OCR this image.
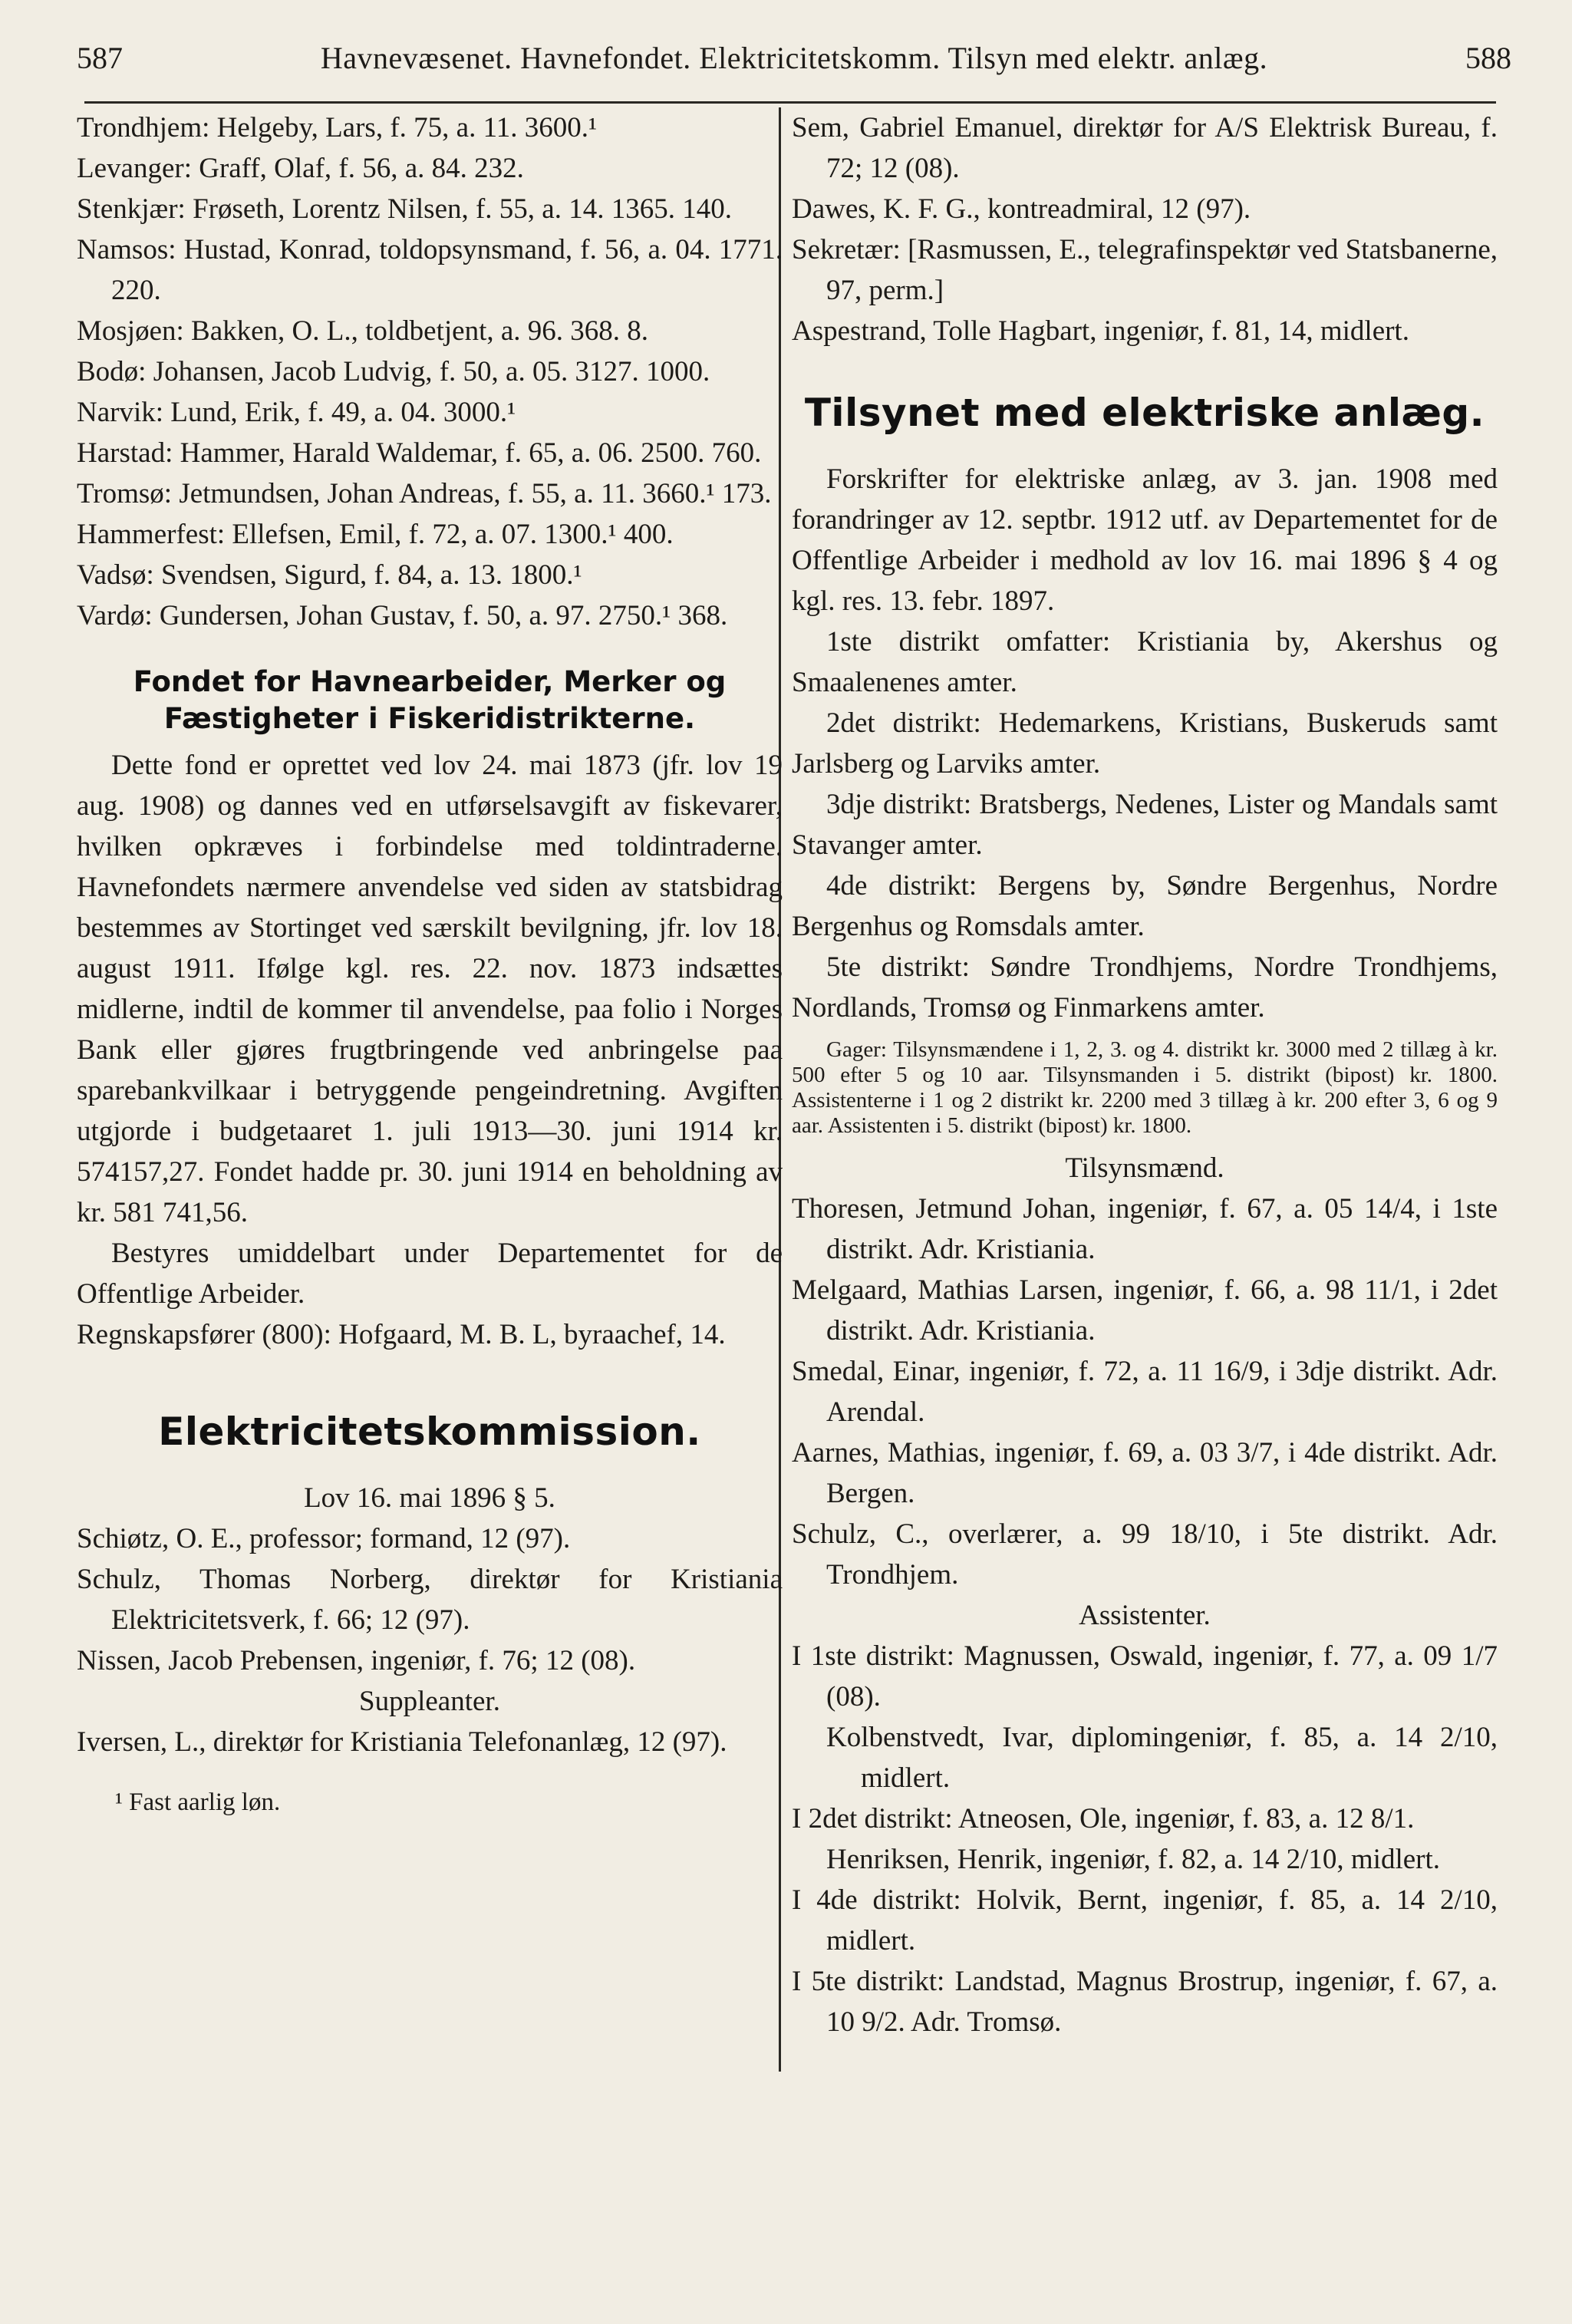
587	Havnevæsenet. Havnefondet. Elektricitetskomm. Tilsyn med elektr. anlæg.	588

Trondhjem: Helgeby, Lars, f. 75, a. 11. 3600.¹

Levanger: Graff, Olaf, f. 56, a. 84. 232.

Stenkjær: Frøseth, Lorentz Nilsen, f. 55, a. 14. 1365. 140.

Namsos: Hustad, Konrad, toldopsynsmand, f. 56, a. 04. 1771. 220.

Mosjøen: Bakken, O. L., toldbetjent, a. 96. 368. 8.

Bodø: Johansen, Jacob Ludvig, f. 50, a. 05. 3127. 1000.

Narvik: Lund, Erik, f. 49, a. 04. 3000.¹

Harstad: Hammer, Harald Waldemar, f. 65, a. 06. 2500. 760.

Tromsø: Jetmundsen, Johan Andreas, f. 55, a. 11. 3660.¹ 173.

Hammerfest: Ellefsen, Emil, f. 72, a. 07. 1300.¹ 400.

Vadsø: Svendsen, Sigurd, f. 84, a. 13. 1800.¹

Vardø: Gundersen, Johan Gustav, f. 50, a. 97. 2750.¹ 368.

Fondet for Havnearbeider, Merker og Fæstigheter i Fiskeridistrikterne.

Dette fond er oprettet ved lov 24. mai 1873 (jfr. lov 19 aug. 1908) og dannes ved en utførselsavgift av fiskevarer, hvilken opkræves i forbindelse med toldintraderne. Havnefondets nærmere anvendelse ved siden av statsbidrag bestemmes av Stortinget ved særskilt bevilgning, jfr. lov 18. august 1911. Ifølge kgl. res. 22. nov. 1873 indsættes midlerne, indtil de kommer til anvendelse, paa folio i Norges Bank eller gjøres frugtbringende ved anbringelse paa sparebankvilkaar i betryggende pengeindretning. Avgiften utgjorde i budgetaaret 1. juli 1913—30. juni 1914 kr. 574157,27. Fondet hadde pr. 30. juni 1914 en beholdning av kr. 581 741,56.

Bestyres umiddelbart under Departementet for de Offentlige Arbeider.

Regnskapsfører (800): Hofgaard, M. B. L, byraachef, 14.

Elektricitetskommission.

Lov 16. mai 1896 § 5.

Schiøtz, O. E., professor; formand, 12 (97).

Schulz, Thomas Norberg, direktør for Kristiania Elektricitetsverk, f. 66; 12 (97).

Nissen, Jacob Prebensen, ingeniør, f. 76; 12 (08).

Suppleanter.

Iversen, L., direktør for Kristiania Telefonanlæg, 12 (97).

¹ Fast aarlig løn.

Sem, Gabriel Emanuel, direktør for A/S Elektrisk Bureau, f. 72; 12 (08).

Dawes, K. F. G., kontreadmiral, 12 (97).

Sekretær: [Rasmussen, E., telegrafinspektør ved Statsbanerne, 97, perm.]

Aspestrand, Tolle Hagbart, ingeniør, f. 81, 14, midlert.

Tilsynet med elektriske anlæg.

Forskrifter for elektriske anlæg, av 3. jan. 1908 med forandringer av 12. septbr. 1912 utf. av Departementet for de Offentlige Arbeider i medhold av lov 16. mai 1896 § 4 og kgl. res. 13. febr. 1897.

1ste distrikt omfatter: Kristiania by, Akershus og Smaalenenes amter.

2det distrikt: Hedemarkens, Kristians, Buskeruds samt Jarlsberg og Larviks amter.

3dje distrikt: Bratsbergs, Nedenes, Lister og Mandals samt Stavanger amter.

4de distrikt: Bergens by, Søndre Bergenhus, Nordre Bergenhus og Romsdals amter.

5te distrikt: Søndre Trondhjems, Nordre Trondhjems, Nordlands, Tromsø og Finmarkens amter.

Gager: Tilsynsmændene i 1, 2, 3. og 4. distrikt kr. 3000 med 2 tillæg à kr. 500 efter 5 og 10 aar. Tilsynsmanden i 5. distrikt (bipost) kr. 1800. Assistenterne i 1 og 2 distrikt kr. 2200 med 3 tillæg à kr. 200 efter 3, 6 og 9 aar. Assistenten i 5. distrikt (bipost) kr. 1800.

Tilsynsmænd.

Thoresen, Jetmund Johan, ingeniør, f. 67, a. 05 14/4, i 1ste distrikt. Adr. Kristiania.

Melgaard, Mathias Larsen, ingeniør, f. 66, a. 98 11/1, i 2det distrikt. Adr. Kristiania.

Smedal, Einar, ingeniør, f. 72, a. 11 16/9, i 3dje distrikt. Adr. Arendal.

Aarnes, Mathias, ingeniør, f. 69, a. 03 3/7, i 4de distrikt. Adr. Bergen.

Schulz, C., overlærer, a. 99 18/10, i 5te distrikt. Adr. Trondhjem.

Assistenter.

I 1ste distrikt: Magnussen, Oswald, ingeniør, f. 77, a. 09 1/7 (08).

Kolbenstvedt, Ivar, diplomingeniør, f. 85, a. 14 2/10, midlert.

I 2det distrikt: Atneosen, Ole, ingeniør, f. 83, a. 12 8/1.

Henriksen, Henrik, ingeniør, f. 82, a. 14 2/10, midlert.

I 4de distrikt: Holvik, Bernt, ingeniør, f. 85, a. 14 2/10, midlert.

I 5te distrikt: Landstad, Magnus Brostrup, ingeniør, f. 67, a. 10 9/2. Adr. Tromsø.
